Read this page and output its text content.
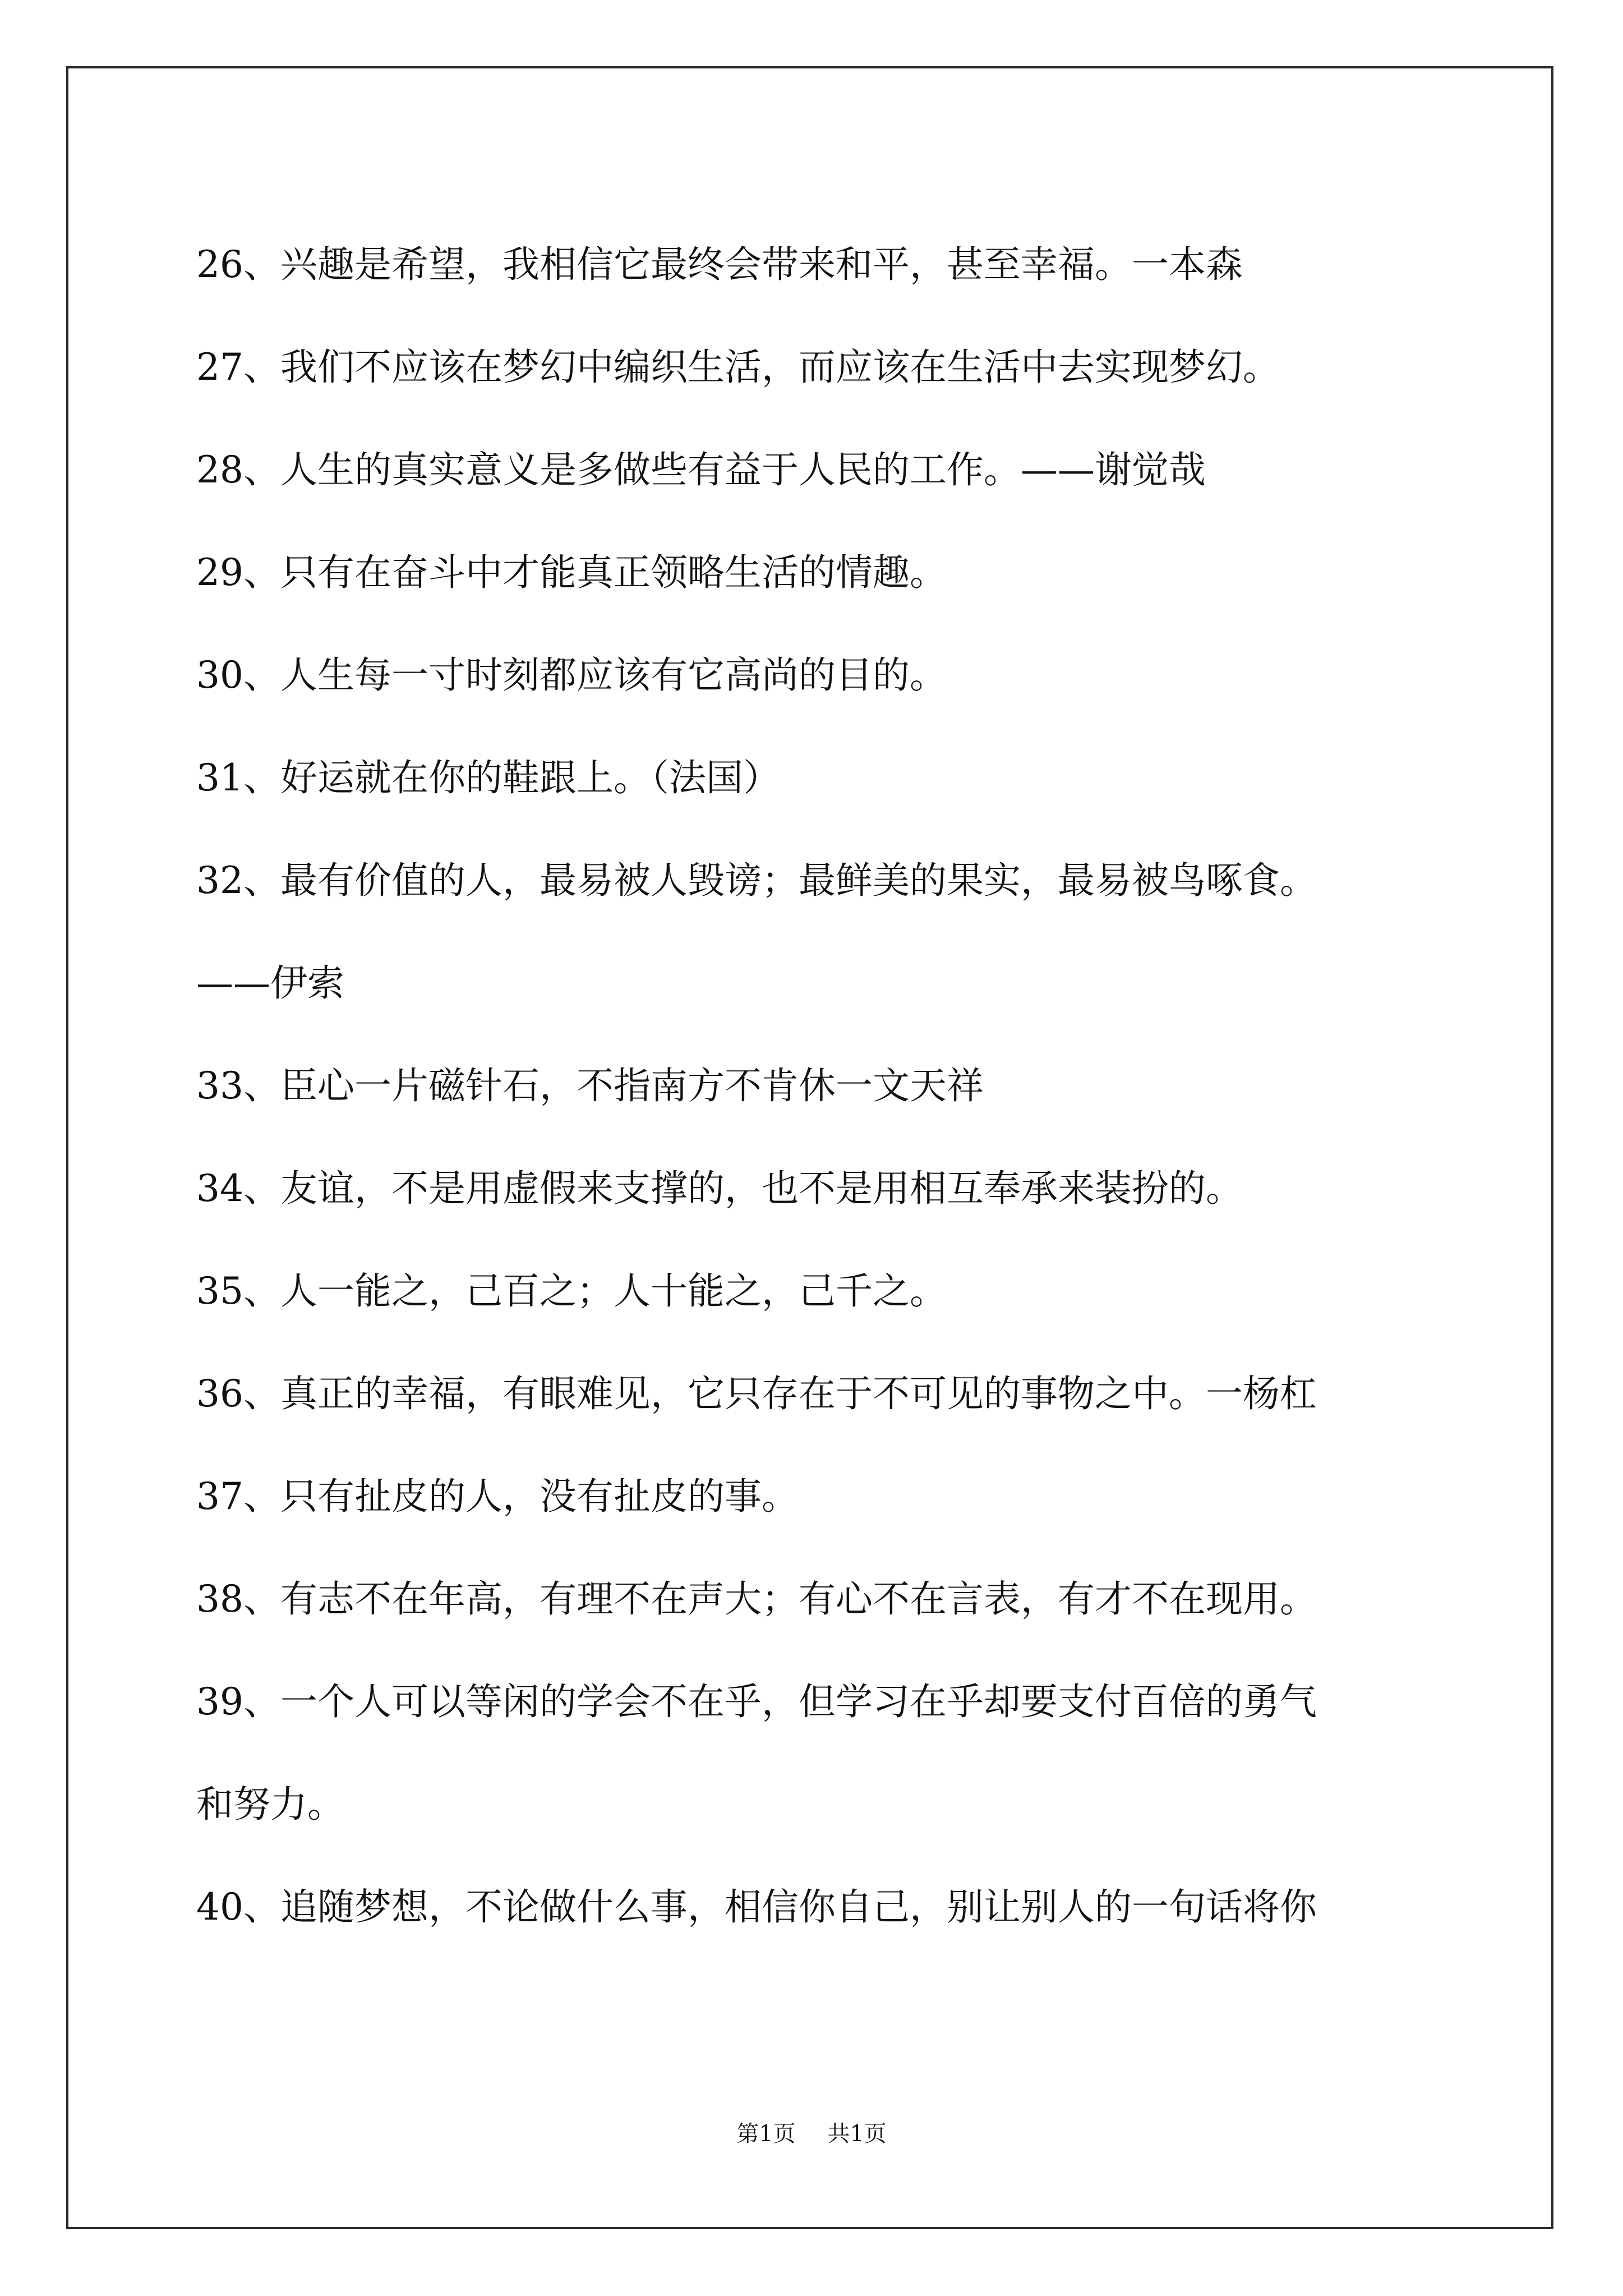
26、兴趣是希望，我相信它最终会带来和平，甚至幸福。一本森

27、我们不应该在梦幻中编织生活，而应该在生活中去实现梦幻。

28、人生的真实意义是多做些有益于人民的工作。——谢觉哉

29、只有在奋斗中才能真正领略生活的情趣。

30、人生每一寸时刻都应该有它高尚的目的。

31、好运就在你的鞋跟上。（法国）

32、最有价值的人，最易被人毁谤；最鲜美的果实，最易被鸟啄食。

——伊索

33、臣心一片磁针石，不指南方不肯休一文天祥

34、友谊，不是用虚假来支撑的，也不是用相互奉承来装扮的。

35、人一能之，己百之；人十能之，己千之。

36、真正的幸福，有眼难见，它只存在于不可见的事物之中。一杨杠

37、只有扯皮的人，没有扯皮的事。

38、有志不在年高，有理不在声大；有心不在言表，有才不在现用。

39、一个人可以等闲的学会不在乎，但学习在乎却要支付百倍的勇气

和努力。

40、追随梦想，不论做什么事，相信你自己，别让别人的一句话将你

第1页 共1页
